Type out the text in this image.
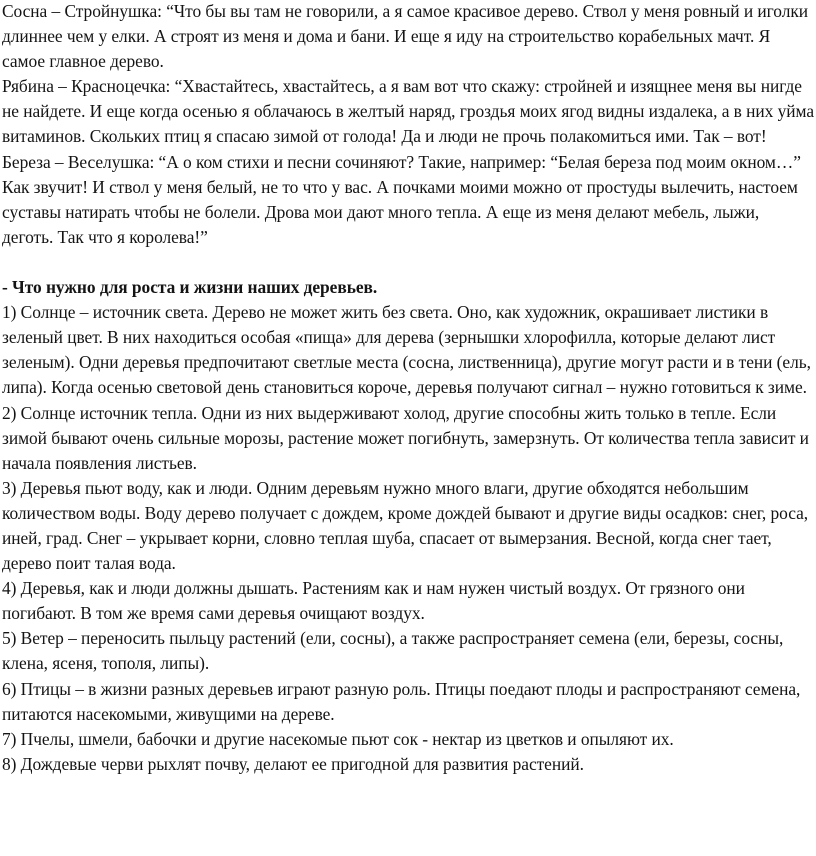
Сосна – Стройнушка: “Что бы вы там не говорили, а я самое красивое дерево. Ствол у меня ровный и иголки длиннее чем у елки. А строят из меня и дома и бани. И еще я иду на строительство корабельных мачт. Я самое главное дерево.

Рябина – Красноцечка: “Хвастайтесь, хвастайтесь, а я вам вот что скажу: стройней и изящнее меня вы нигде не найдете. И еще когда осенью я облачаюсь в желтый наряд, гроздья моих ягод видны издалека, а в них уйма витаминов. Скольких птиц я спасаю зимой от голода! Да и люди не прочь полакомиться ими. Так – вот!

Береза – Веселушка: “А о ком стихи и песни сочиняют? Такие, например: “Белая береза под моим окном…” Как звучит! И ствол у меня белый, не то что у вас. А почками моими можно от простуды вылечить, настоем суставы натирать чтобы не болели. Дрова мои дают много тепла. А еще из меня делают мебель, лыжи, деготь. Так что я королева!”

- Что нужно для роста и жизни наших деревьев.

1) Солнце – источник света. Дерево не может жить без света. Оно, как художник, окрашивает листики в зеленый цвет. В них находиться особая «пища» для дерева (зернышки хлорофилла, которые делают лист зеленым). Одни деревья предпочитают светлые места (сосна, лиственница), другие могут расти и в тени (ель, липа). Когда осенью световой день становиться короче, деревья получают сигнал – нужно готовиться к зиме.

2) Солнце источник тепла. Одни из них выдерживают холод, другие способны жить только в тепле. Если зимой бывают очень сильные морозы, растение может погибнуть, замерзнуть. От количества тепла зависит и начала появления листьев.

3) Деревья пьют воду, как и люди. Одним деревьям нужно много влаги, другие обходятся небольшим количеством воды. Воду дерево получает с дождем, кроме дождей бывают и другие виды осадков: снег, роса, иней, град. Снег – укрывает корни, словно теплая шуба, спасает от вымерзания. Весной, когда снег тает, дерево поит талая вода.

4) Деревья, как и люди должны дышать. Растениям как и нам нужен чистый воздух. От грязного они погибают. В том же время сами деревья очищают воздух.

5) Ветер – переносить пыльцу растений (ели, сосны), а также распространяет семена (ели, березы, сосны, клена, ясеня, тополя, липы).

6) Птицы – в жизни разных деревьев играют разную роль. Птицы поедают плоды и распространяют семена, питаются насекомыми, живущими на дереве.

7) Пчелы, шмели, бабочки и другие насекомые пьют сок - нектар из цветков и опыляют их.

8) Дождевые черви рыхлят почву, делают ее пригодной для развития растений.
